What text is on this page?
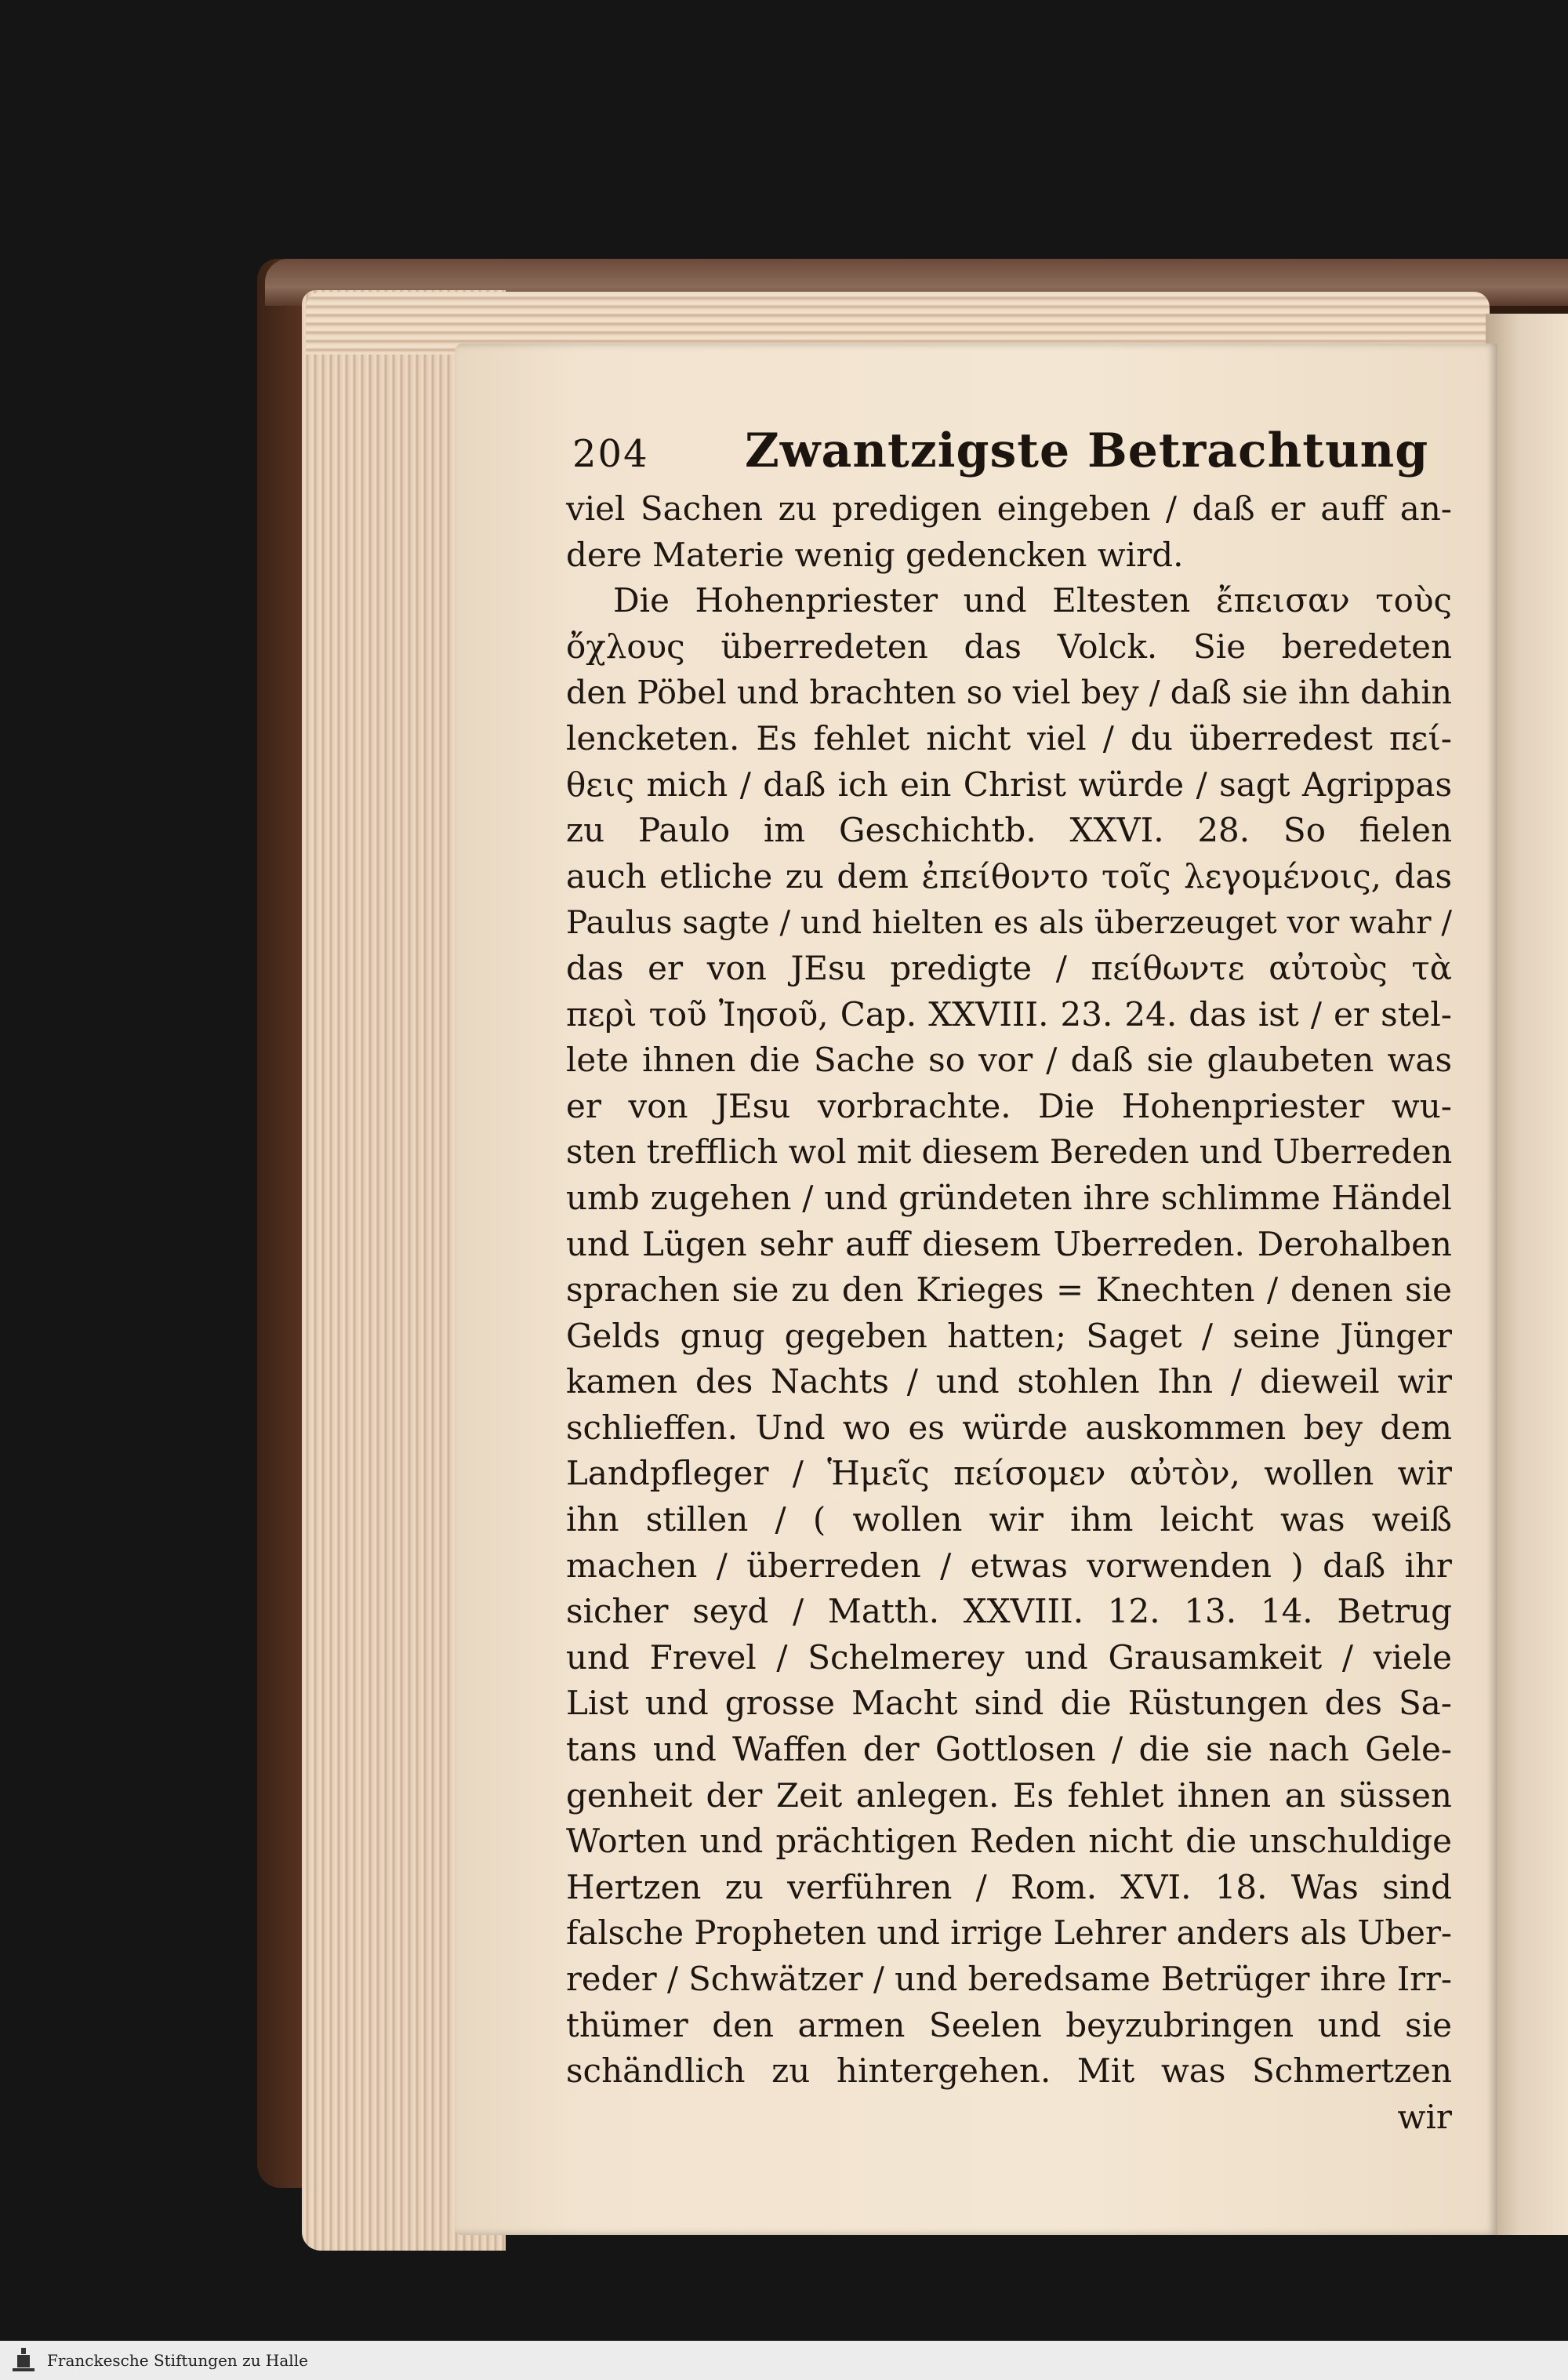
204	Zwantzigste Betrachtung
viel Sachen zu predigen eingeben / daß er auff an-
dere Materie wenig gedencken wird.
Die Hohenpriester und Eltesten ἔπεισαν τοὺς
ὄχλους überredeten das Volck. Sie beredeten
den Pöbel und brachten so viel bey / daß sie ihn dahin
lencketen. Es fehlet nicht viel / du überredest πεί-
θεις mich / daß ich ein Christ würde / sagt Agrippas
zu Paulo im Geschichtb. XXVI. 28. So fielen
auch etliche zu dem ἐπείθοντο τοῖς λεγομένοις, das
Paulus sagte / und hielten es als überzeuget vor wahr /
das er von JEsu predigte / πείθωντε αὐτοὺς τὰ
περὶ τοῦ Ἰησοῦ, Cap. XXVIII. 23. 24. das ist / er stel-
lete ihnen die Sache so vor / daß sie glaubeten was
er von JEsu vorbrachte. Die Hohenpriester wu-
sten trefflich wol mit diesem Bereden und Uberreden
umb zugehen / und gründeten ihre schlimme Händel
und Lügen sehr auff diesem Uberreden. Derohalben
sprachen sie zu den Krieges = Knechten / denen sie
Gelds gnug gegeben hatten; Saget / seine Jünger
kamen des Nachts / und stohlen Ihn / dieweil wir
schlieffen. Und wo es würde auskommen bey dem
Landpfleger / Ἡμεῖς πείσομεν αὐτὸν, wollen wir
ihn stillen / ( wollen wir ihm leicht was weiß
machen / überreden / etwas vorwenden ) daß ihr
sicher seyd / Matth. XXVIII. 12. 13. 14. Betrug
und Frevel / Schelmerey und Grausamkeit / viele
List und grosse Macht sind die Rüstungen des Sa-
tans und Waffen der Gottlosen / die sie nach Gele-
genheit der Zeit anlegen. Es fehlet ihnen an süssen
Worten und prächtigen Reden nicht die unschuldige
Hertzen zu verführen / Rom. XVI. 18. Was sind
falsche Propheten und irrige Lehrer anders als Uber-
reder / Schwätzer / und beredsame Betrüger ihre Irr-
thümer den armen Seelen beyzubringen und sie
schändlich zu hintergehen. Mit was Schmertzen
wir
Franckesche Stiftungen zu Halle
